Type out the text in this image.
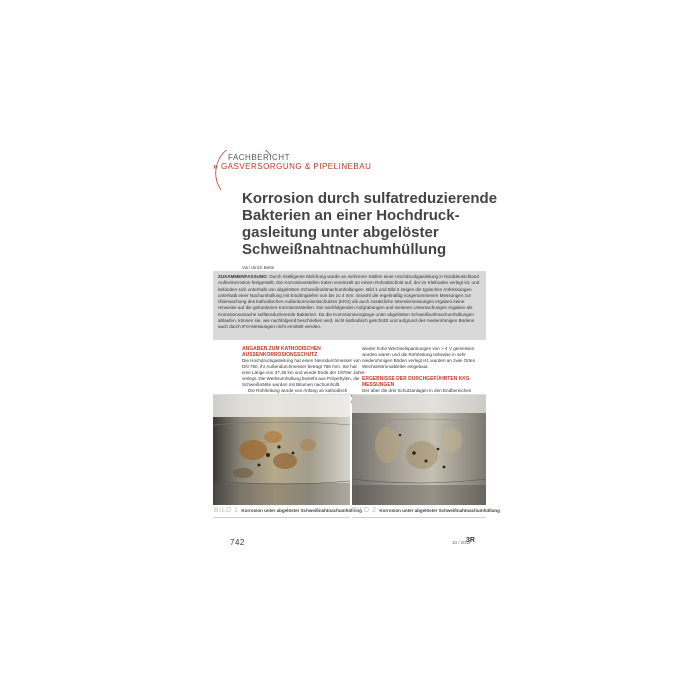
FACHBERICHT
» GASVERSORGUNG & PIPELINEBAU
Korrosion durch sulfatreduzierende Bakterien an einer Hochdruckgasleitung unter abgelöster Schweißnahtnachumhüllung
Von Ulrich Bette

ZUSAMMENFASSUNG: Durch intelligente Molchung wurde an mehreren Stellen einer Hochdruckgasleitung in Norddeutschland Außenkorrosion festgestellt. Die Korrosionsstellen traten vereinzelt an einem Rohrabschnitt auf, der im Kleiboden verlegt ist, und befanden sich unterhalb von abgelösten Schweißnahtnachumhüllungen. Bild 1 und Bild 2 zeigen die typischen Anfressungen unterhalb einer Nachumhüllung mit Eindringtiefen von bis zu 4 mm. Sowohl die regelmäßig vorgenommenen Messungen zur Überwachung des kathodischen Außenkorrosionsschutzes (KKS) als auch zusätzliche Intensivmessungen ergaben keine Hinweise auf die gefundenen Korrosionsstellen. Die nachfolgenden Aufgrabungen und weiteren Untersuchungen ergaben als Korrosionsursache sulfatreduzierende Bakterien. Da die Korrosionsvorgänge unter abgelösten Schweißnahtnachumhüllungen ablaufen, können sie, wie nachfolgend beschrieben wird, nicht kathodisch geschützt und aufgrund des niederohmigen Bodens auch durch IFO-Messungen nicht ermittelt werden.

ANGABEN ZUM KATHODISCHEN AUSSENKORROSIONSSCHUTZ

Die Hochdruckgasleitung hat einen Nenndurchmesser von DN 750, ihr Außendurchmesser beträgt 768 mm. Sie hat eine Länge von 37,36 km und wurde Ende der 1970er Jahre verlegt. Die Werksumhüllung besteht aus Polyethylen, die Schweißnähte wurden mit Bitumen nachumhüllt.

Die Rohrleitung wurde von Anfang an kathodisch drei

wieder hohe Wechselspannungen von > 4 V gemessen worden waren und die Rohrleitung teilweise in sehr niederohmigen Böden verlegt ist, wurden an zwei Orten Wechselstromableiter eingebaut.

ERGEBNISSE DER DURCHGEFÜHRTEN KKS-MESSUNGEN

Der über die drei Schutzanlagen in den Endbereichen

BILD 1 Korrosion unter abgelöster Schweißnahtnachumhüllung
BILD 2 Korrosion unter abgelöster Schweißnahtnachumhüllung
742	10 / 2011
3R
